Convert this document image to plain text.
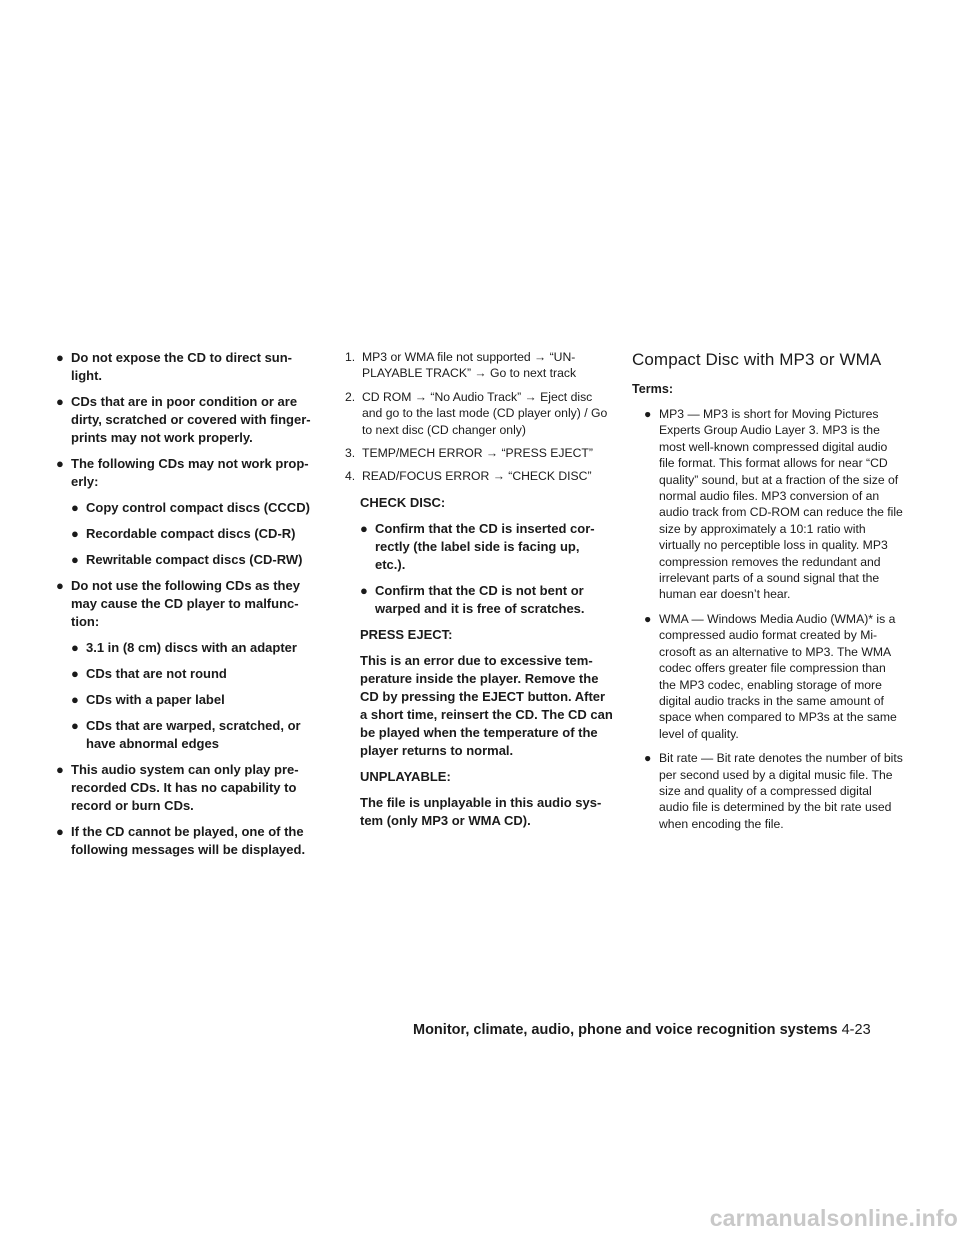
● Do not expose the CD to direct sun-light.
● CDs that are in poor condition or are dirty, scratched or covered with finger-prints may not work properly.
● The following CDs may not work prop-erly:
● Copy control compact discs (CCCD)
● Recordable compact discs (CD-R)
● Rewritable compact discs (CD-RW)
● Do not use the following CDs as they may cause the CD player to malfunc-tion:
● 3.1 in (8 cm) discs with an adapter
● CDs that are not round
● CDs with a paper label
● CDs that are warped, scratched, or have abnormal edges
● This audio system can only play pre-recorded CDs. It has no capability to record or burn CDs.
● If the CD cannot be played, one of the following messages will be displayed.
1. MP3 or WMA file not supported → “UN-PLAYABLE TRACK” → Go to next track
2. CD ROM → “No Audio Track” → Eject disc and go to the last mode (CD player only) / Go to next disc (CD changer only)
3. TEMP/MECH ERROR → “PRESS EJECT”
4. READ/FOCUS ERROR → “CHECK DISC”
CHECK DISC:
● Confirm that the CD is inserted cor-rectly (the label side is facing up, etc.).
● Confirm that the CD is not bent or warped and it is free of scratches.
PRESS EJECT:
This is an error due to excessive tem-perature inside the player. Remove the CD by pressing the EJECT button. After a short time, reinsert the CD. The CD can be played when the temperature of the player returns to normal.
UNPLAYABLE:
The file is unplayable in this audio sys-tem (only MP3 or WMA CD).
Compact Disc with MP3 or WMA
Terms:
● MP3 — MP3 is short for Moving Pictures Experts Group Audio Layer 3. MP3 is the most well-known compressed digital audio file format. This format allows for near “CD quality” sound, but at a fraction of the size of normal audio files. MP3 conversion of an audio track from CD-ROM can reduce the file size by approximately a 10:1 ratio with virtually no perceptible loss in quality. MP3 compression removes the redundant and irrelevant parts of a sound signal that the human ear doesn’t hear.
● WMA — Windows Media Audio (WMA)* is a compressed audio format created by Mi-crosoft as an alternative to MP3. The WMA codec offers greater file compression than the MP3 codec, enabling storage of more digital audio tracks in the same amount of space when compared to MP3s at the same level of quality.
● Bit rate — Bit rate denotes the number of bits per second used by a digital music file. The size and quality of a compressed digital audio file is determined by the bit rate used when encoding the file.
Monitor, climate, audio, phone and voice recognition systems 4-23
carmanualsonline.info
